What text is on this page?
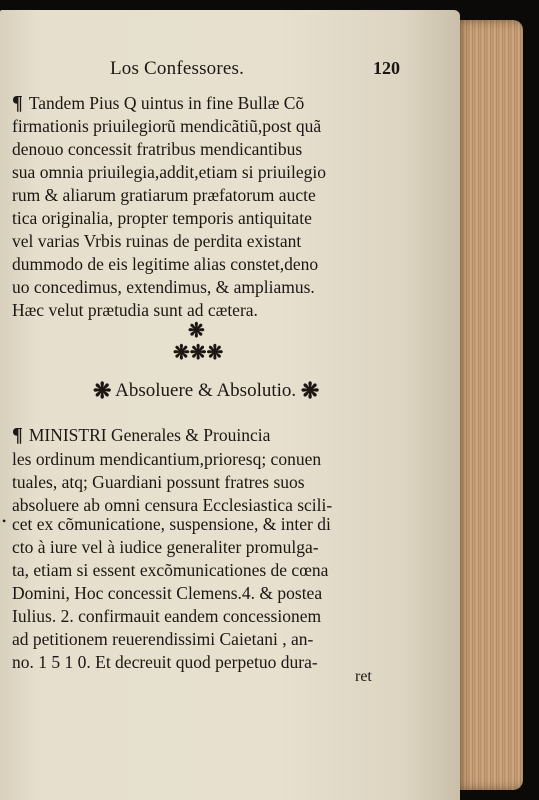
Los Confessores.	120
¶ Tandem Pius Q uintus in fine Bullæ Cõ
firmationis priuilegiorũ mendicãtiũ,post quã
denouo concessit fratribus mendicantibus
sua omnia priuilegia,addit,etiam si priuilegio
rum & aliarum gratiarum præfatorum aucte
tica originalia, propter temporis antiquitate
vel varias Vrbis ruinas de perdita existant
dummodo de eis legitime alias constet,deno
uo concedimus, extendimus, & ampliamus.
Hæc velut prætudia sunt ad cætera.
❋
❋❋❋
❋ Absoluere & Absolutio. ❋
¶ MINISTRI Generales & Prouincia
les ordinum mendicantium,prioresq; conuen
tuales, atq; Guardiani possunt fratres suos
absoluere ab omni censura Ecclesiastica scili-
• cet ex cõmunicatione, suspensione, & inter di
cto à iure vel à iudice generaliter promulga-
ta, etiam si essent excõmunicationes de cœna
Domini, Hoc concessit Clemens.4. & postea
Iulius. 2. confirmauit eandem concessionem
ad petitionem reuerendissimi Caietani , an-
no. 1 5 1 0. Et decreuit quod perpetuo dura-
ret
